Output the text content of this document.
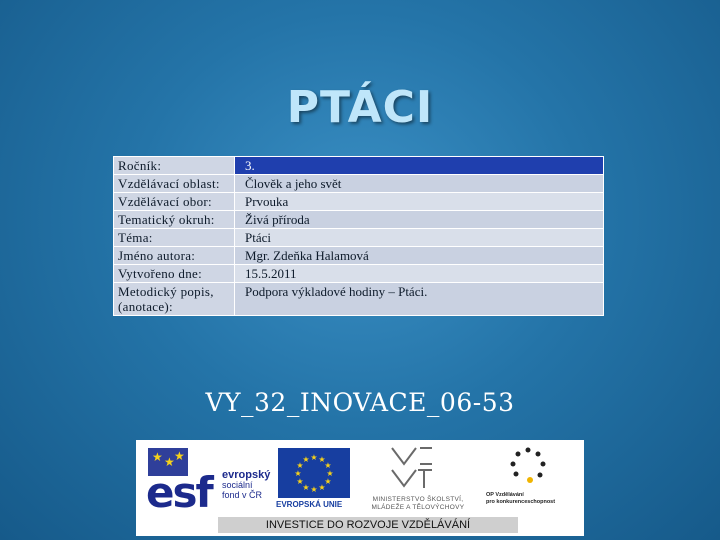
PTÁCI
Ročník:	3.
Vzdělávací oblast:	Člověk a jeho svět
Vzdělávací obor:	Prvouka
Tematický okruh:	Živá příroda
Téma:	Ptáci
Jméno autora:	Mgr. Zdeňka Halamová
Vytvořeno dne:	15.5.2011
Metodický popis, (anotace):	Podpora výkladové hodiny – Ptáci.
VY_32_INOVACE_06-53
★ ★ ★
esf evropský
sociální
fond v ČR
★ ★
★
★
★
★
★
★
★
★
★
★
EVROPSKÁ UNIE
MINISTERSTVO ŠKOLSTVÍ,
MLÁDEŽE A TĚLOVÝCHOVY
OP Vzdělávání
pro konkurenceschopnost
INVESTICE DO ROZVOJE VZDĚLÁVÁNÍ
